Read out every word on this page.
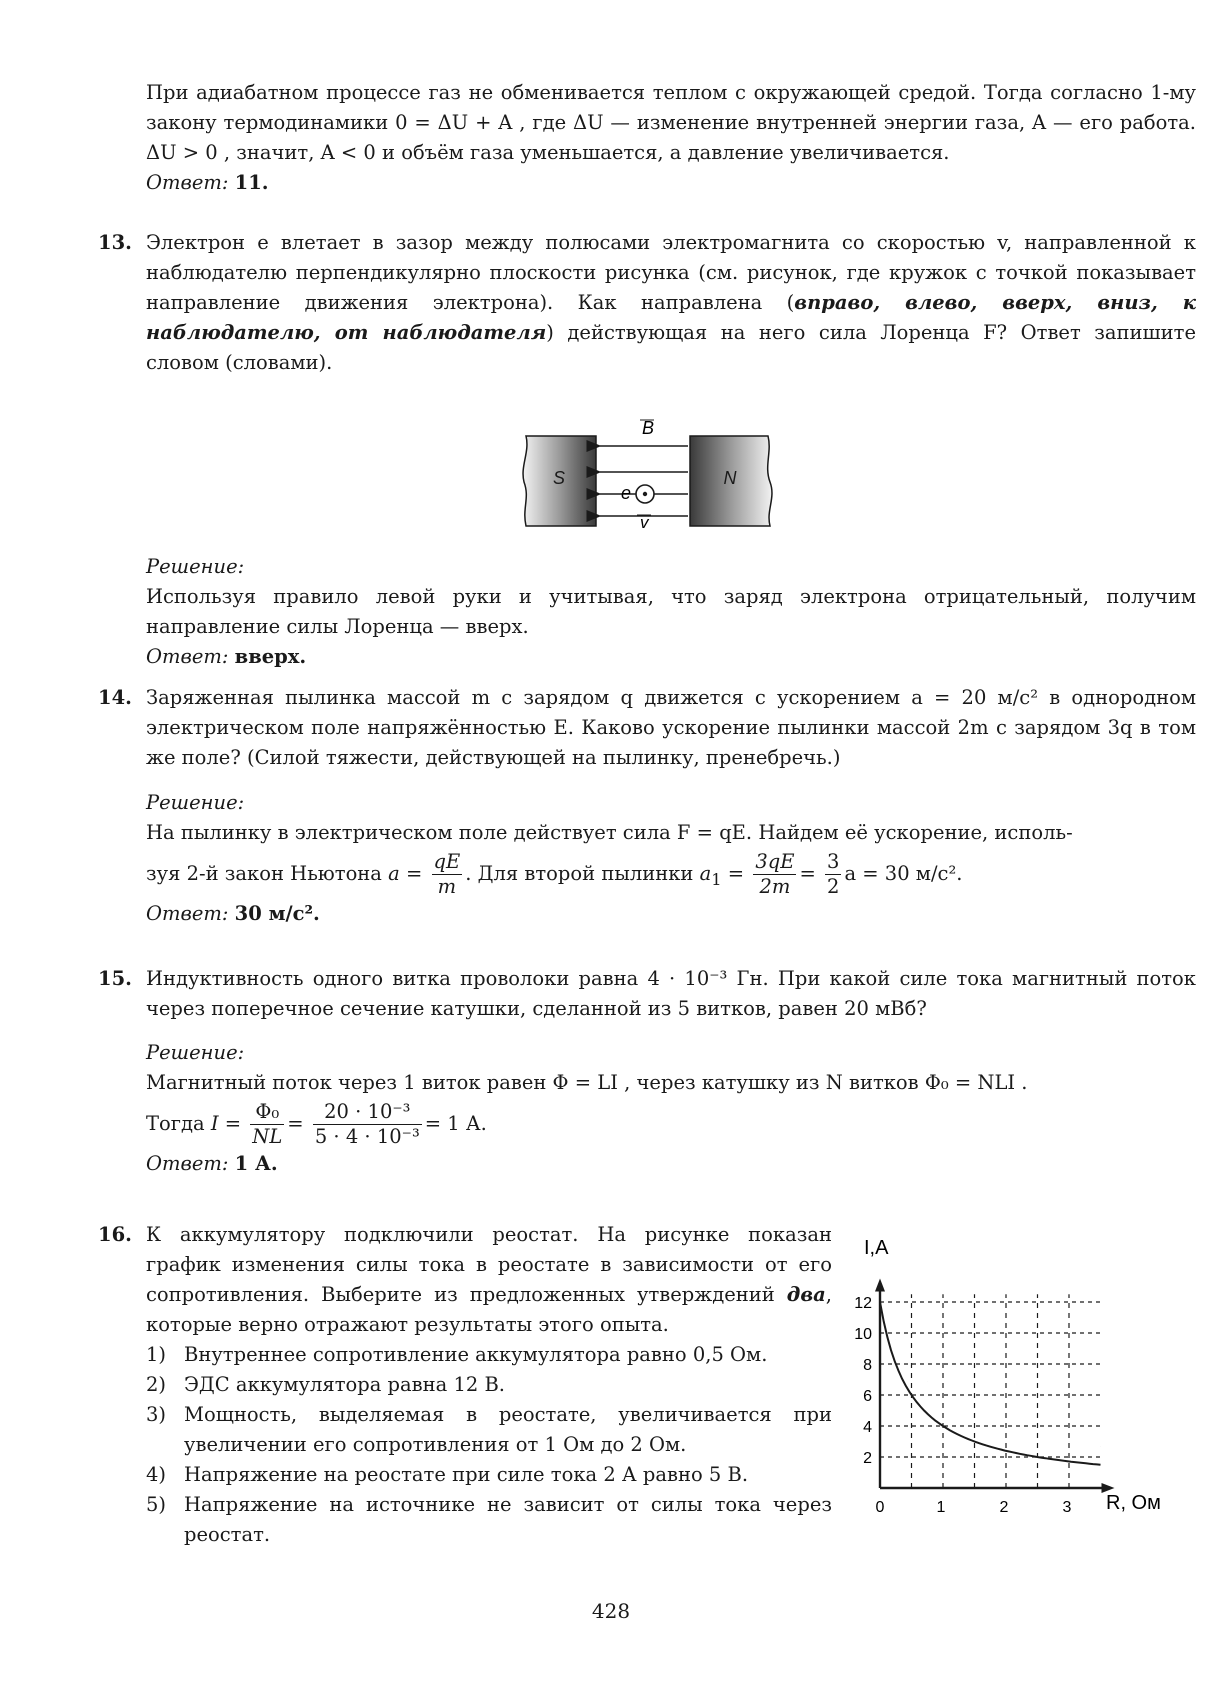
При адиабатном процессе газ не обменивается теплом с окружающей средой. Тогда согласно 1-му закону термодинамики 0 = ΔU + A , где ΔU — изменение внутренней энергии газа, A — его работа. ΔU > 0 , значит, A < 0 и объём газа уменьшается, а давление увеличивается.

Ответ: 11.

13. Электрон e влетает в зазор между полюсами электромагнита со скоростью v, направленной к наблюдателю перпендикулярно плоскости рисунка (см. рисунок, где кружок с точкой показывает направление движения электрона). Как направлена (вправо, влево, вверх, вниз, к наблюдателю, от наблюдателя) действующая на него сила Лоренца F? Ответ запишите словом (словами).

B
S	N
e
v

Решение:

Используя правило левой руки и учитывая, что заряд электрона отрицательный, получим направление силы Лоренца — вверх.

Ответ: вверх.

14. Заряженная пылинка массой m с зарядом q движется с ускорением a = 20 м/с² в однородном электрическом поле напряжённостью E. Каково ускорение пылинки массой 2m с зарядом 3q в том же поле? (Силой тяжести, действующей на пылинку, пренебречь.)

Решение:

На пылинку в электрическом поле действует сила F = qE. Найдем её ускорение, исполь-

зуя 2-й закон Ньютона $a = \frac{qE}{m}$ . Для второй пылинки $a_1 = \frac{3qE}{2m} = \frac{3}{2}$ a = 30 м/с².

Ответ: 30 м/с².

15. Индуктивность одного витка проволоки равна 4 · 10⁻³ Гн. При какой силе тока магнитный поток через поперечное сечение катушки, сделанной из 5 витков, равен 20 мВб?

Решение:

Магнитный поток через 1 виток равен Φ = LI , через катушку из N витков Φ₀ = NLI .

Тогда $I = \frac{\text{Φ₀}}{NL} = \frac{\text{20 · 10⁻³}}{\text{5 · 4 · 10⁻³}} = 1$ А.

Ответ: 1 А.

16. К аккумулятору подключили реостат. На рисунке показан график изменения силы тока в реостате в зависимости от его сопротивления. Выберите из предложенных утверждений два, которые верно отражают результаты этого опыта.

1) Внутреннее сопротивление аккумулятора равно 0,5 Ом.
2) ЭДС аккумулятора равна 12 В.
3) Мощность, выделяемая в реостате, увеличивается при увеличении его сопротивления от 1 Ом до 2 Ом.
4) Напряжение на реостате при силе тока 2 А равно 5 В.
5) Напряжение на источнике не зависит от силы тока через реостат.
2
4
6
8
10
12
0	1	2	3
I,А
R, Ом
428
